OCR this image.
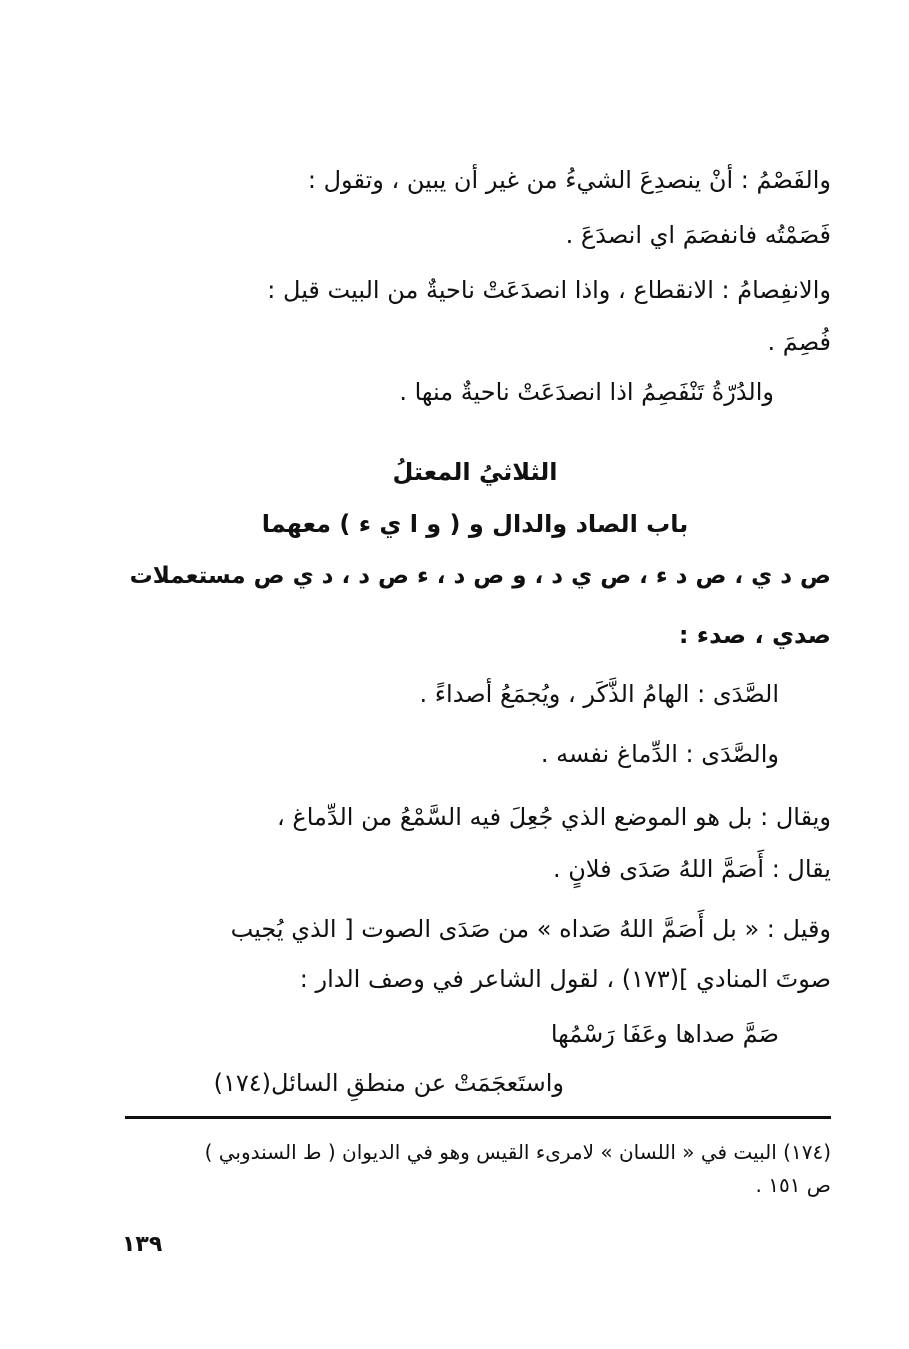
والفَصْمُ : أنْ ينصدِعَ الشيءُ من غير أن يبين ، وتقول :
فَصَمْتُه فانفصَمَ اي انصدَعَ .
والانفِصامُ : الانقطاع ، واذا انصدَعَتْ ناحيةٌ من البيت قيل :
فُصِمَ .
والدُرّةُ تَنْفَصِمُ اذا انصدَعَتْ ناحيةٌ منها .
الثلاثيُ المعتلُ
باب الصاد والدال و ( و ا ي ء ) معهما
ص د ي ، ص د ء ، ص ي د ، و ص د ، ء ص د ، د ي ص مستعملات
صدي ، صدء :
الصَّدَى : الهامُ الذَّكَر ، ويُجمَعُ أصداءً .
والصَّدَى : الدِّماغ نفسه .
ويقال : بل هو الموضع الذي جُعِلَ فيه السَّمْعُ من الدِّماغ ،
يقال : أَصَمَّ اللهُ صَدَى فلانٍ .
وقيل : « بل أَصَمَّ اللهُ صَداه » من صَدَى الصوت [ الذي يُجيب
صوتَ المنادي ](١٧٣) ، لقول الشاعر في وصف الدار :
صَمَّ صداها وعَفَا رَسْمُها
واستَعجَمَتْ عن منطقِ السائل(١٧٤)
(١٧٤) البيت في « اللسان » لامرىء القيس وهو في الديوان ( ط السندوبي )
ص ١٥١ .
١٣٩
